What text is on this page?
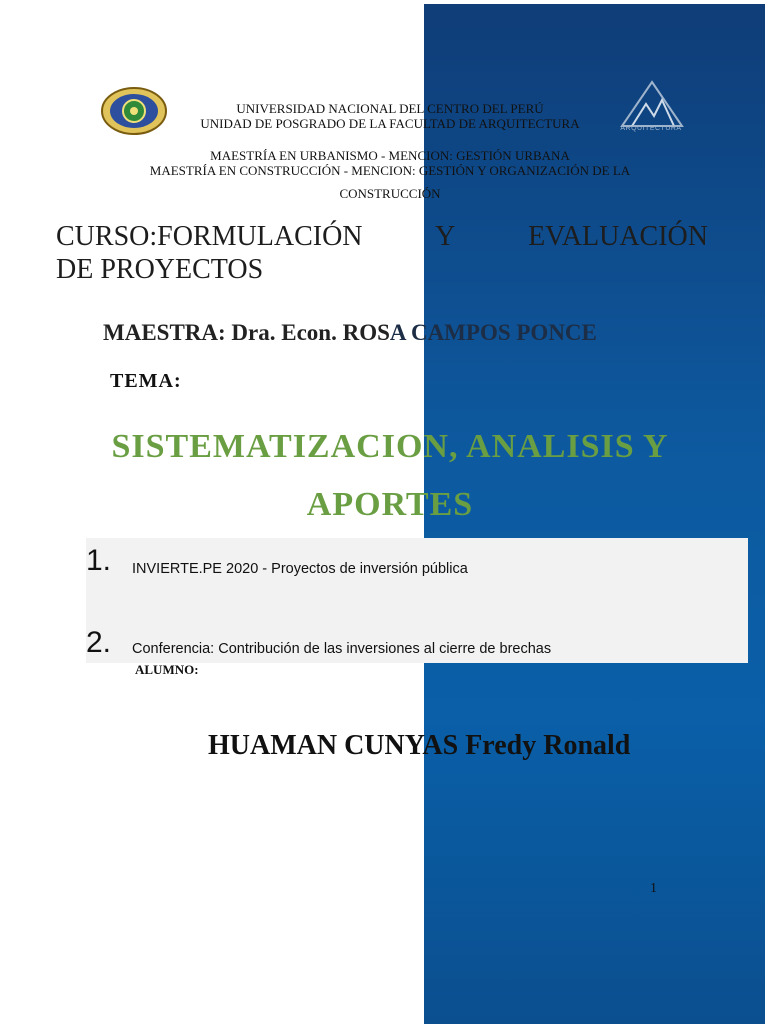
ARQUITECTURA
UNIVERSIDAD NACIONAL DEL CENTRO DEL PERÚ
UNIDAD DE POSGRADO DE LA FACULTAD DE ARQUITECTURA
MAESTRÍA EN URBANISMO - MENCION: GESTIÓN URBANA
MAESTRÍA EN CONSTRUCCIÓN - MENCION: GESTIÓN Y ORGANIZACIÓN DE LA
CONSTRUCCIÓN
CURSO:FORMULACIÓN	Y	EVALUACIÓN
DE PROYECTOS
MAESTRA: Dra. Econ. ROSA CAMPOS PONCE
TEMA:
SISTEMATIZACION, ANALISIS Y
APORTES
1. INVIERTE.PE 2020 - Proyectos de inversión pública
2. Conferencia: Contribución de las inversiones al cierre de brechas
ALUMNO:
HUAMAN CUNYAS Fredy Ronald
1
